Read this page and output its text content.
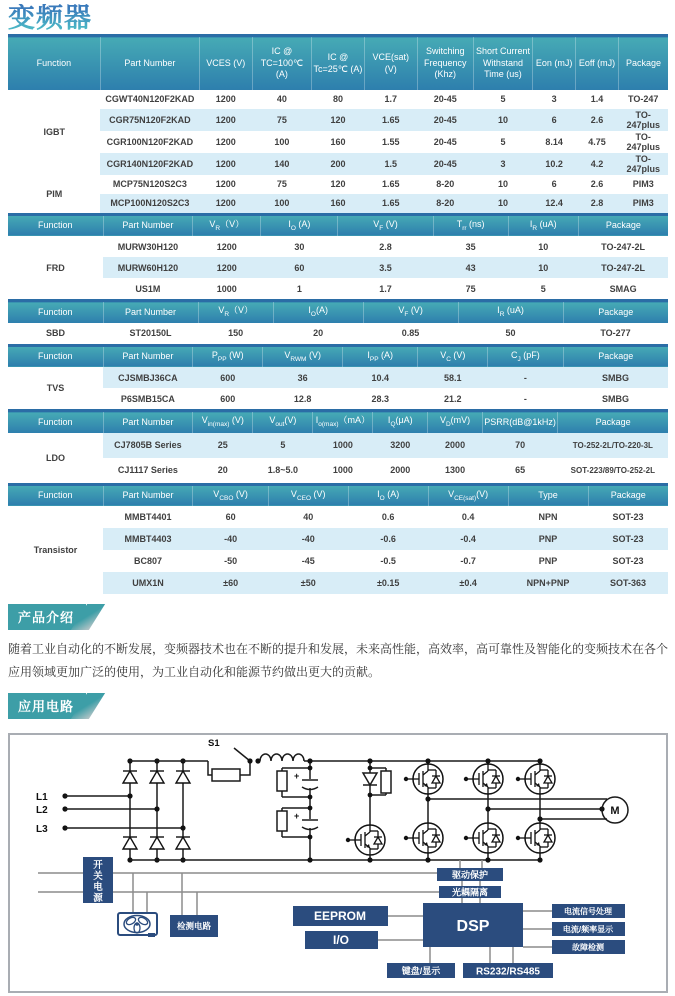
变频器
Function	Part Number	VCES (V)	IC @ TC=100℃ (A)	IC @ Tc=25℃ (A)	VCE(sat) (V)	Switching Frequency (Khz)	Short Current Withstand Time (us)	Eon (mJ)	Eoff (mJ)	Package
IGBT	CGWT40N120F2KAD	1200	40	80	1.7	20-45	5	3	1.4	TO-247
	CGR75N120F2KAD	1200	75	120	1.65	20-45	10	6	2.6	TO-247plus
	CGR100N120F2KAD	1200	100	160	1.55	20-45	5	8.14	4.75	TO-247plus
	CGR140N120F2KAD	1200	140	200	1.5	20-45	3	10.2	4.2	TO-247plus
PIM	MCP75N120S2C3	1200	75	120	1.65	8-20	10	6	2.6	PIM3
	MCP100N120S2C3	1200	100	160	1.65	8-20	10	12.4	2.8	PIM3
Function	Part Number	$V_R(V)$	$I_O$ (A)	$V_F$ (V)	$T_{rr}$ (ns)	$I_R$ (uA)	Package
FRD	MURW30H120	1200	30	2.8	35	10	TO-247-2L
	MURW60H120	1200	60	3.5	43	10	TO-247-2L
	US1M	1000	1	1.7	75	5	SMAG
Function	Part Number	$V_R(V)$	$I_O(A)$	$V_F$ (V)	$I_R$ (uA)	Package
SBD	ST20150L	150	20	0.85	50	TO-277
Function	Part Number	$P_{PP}$ (W)	$V_{RWM}$ (V)	$I_{PP}$ (A)	$V_C$ (V)	$C_J$ (pF)	Package
TVS	CJSMBJ36CA	600	36	10.4	58.1	-	SMBG
	P6SMB15CA	600	12.8	28.3	21.2	-	SMBG
Function	Part Number	$V_{in(max)}$ (V)	$V_{out}(V)$	$I_{o(max)}(mA)$	$I_Q(\mu A)$	$V_D(mV)$	PSRR(dB@1kHz)	Package
LDO	CJ7805B Series	25	5	1000	3200	2000	70	TO-252-2L/TO-220-3L
	CJ1117 Series	20	1.8~5.0	1000	2000	1300	65	SOT-223/89/TO-252-2L
Function	Part Number	$V_{CBO}$ (V)	$V_{CEO}$ (V)	$I_O$ (A)	$V_{CE(sat)}(V)$	Type	Package
Transistor	MMBT4401	60	40	0.6	0.4	NPN	SOT-23
	MMBT4403	-40	-40	-0.6	-0.4	PNP	SOT-23
	BC807	-50	-45	-0.5	-0.7	PNP	SOT-23
	UMX1N	±60	±50	±0.15	±0.4	NPN+PNP	SOT-363
产品介绍

随着工业自动化的不断发展，变频器技术也在不断的提升和发展，未来高性能，高效率，高可靠性及智能化的变频技术在各个应用领域更加广泛的使用，为工业自动化和能源节约做出更大的贡献。

应用电路
L1
L2
L3
S1
+
+	M
开
关
电
源
检测电路
EEPROM
I/O
驱动保护
光耦隔离
DSP
电流信号处理
电流/频率显示
故障检测
键盘/显示	RS232/RS485
